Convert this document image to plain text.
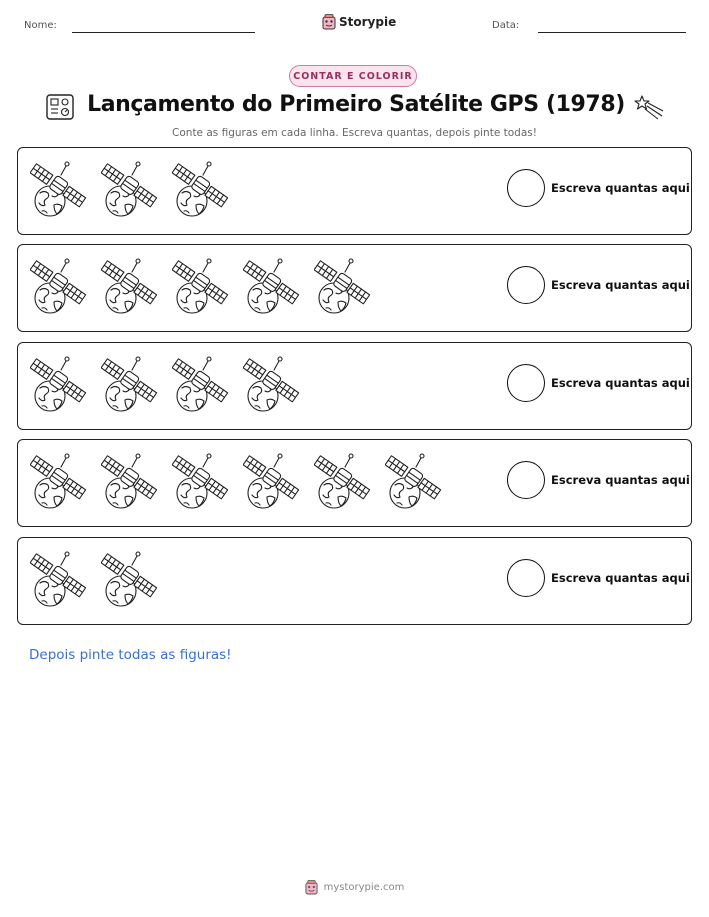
Nome:	Storypie	Data:
CONTAR E COLORIR
Lançamento do Primeiro Satélite GPS (1978)
Conte as figuras em cada linha. Escreva quantas, depois pinte todas!
Escreva quantas aqui
Escreva quantas aqui
Escreva quantas aqui
Escreva quantas aqui
Escreva quantas aqui
Depois pinte todas as figuras!
mystorypie.com
